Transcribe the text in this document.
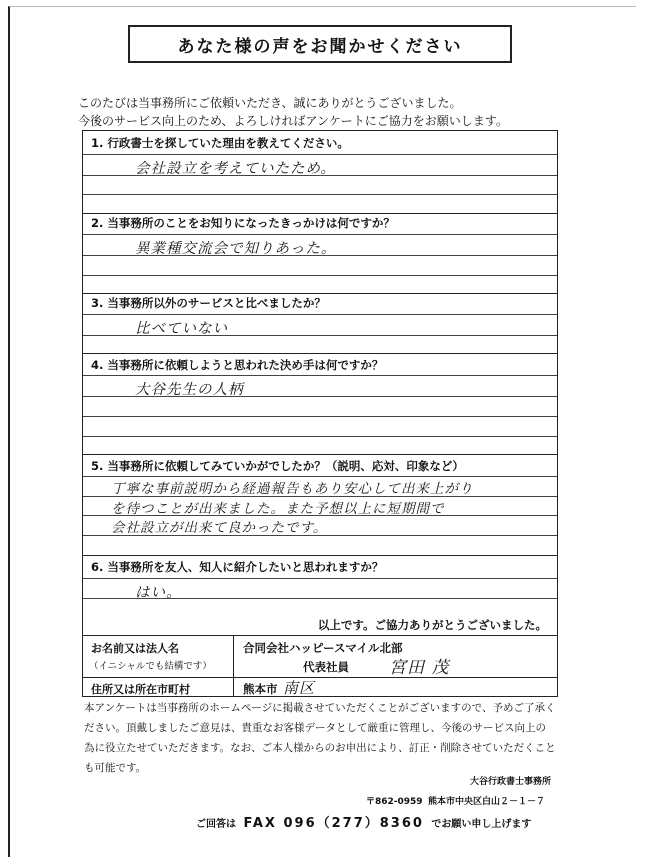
あなた様の声をお聞かせください
このたびは当事務所にご依頼いただき、誠にありがとうございました。
今後のサービス向上のため、よろしければアンケートにご協力をお願いします。
1. 行政書士を探していた理由を教えてください。
会社設立を考えていたため。
2. 当事務所のことをお知りになったきっかけは何ですか？
異業種交流会で知りあった。
3. 当事務所以外のサービスと比べましたか？
比べていない
4. 当事務所に依頼しようと思われた決め手は何ですか？
大谷先生の人柄
5. 当事務所に依頼してみていかがでしたか？（説明、応対、印象など）
丁寧な事前説明から経過報告もあり安心して出来上がり
を待つことが出来ました。また予想以上に短期間で
会社設立が出来て良かったです。
6. 当事務所を友人、知人に紹介したいと思われますか？
はい。
以上です。ご協力ありがとうございました。
お名前又は法人名
（イニシャルでも結構です）
合同会社ハッピースマイル北部
代表社員 宮田 茂
住所又は所在市町村	熊本市 南区
本アンケートは当事務所のホームページに掲載させていただくことがございますので、予めご了承ください。頂戴しましたご意見は、貴重なお客様データとして厳重に管理し、今後のサービス向上の為に役立たせていただきます。なお、ご本人様からのお申出により、訂正・削除させていただくことも可能です。
大谷行政書士事務所
〒862-0959 熊本市中央区白山２－１－７
ご回答は FAX 096（277）8360 でお願い申し上げます
